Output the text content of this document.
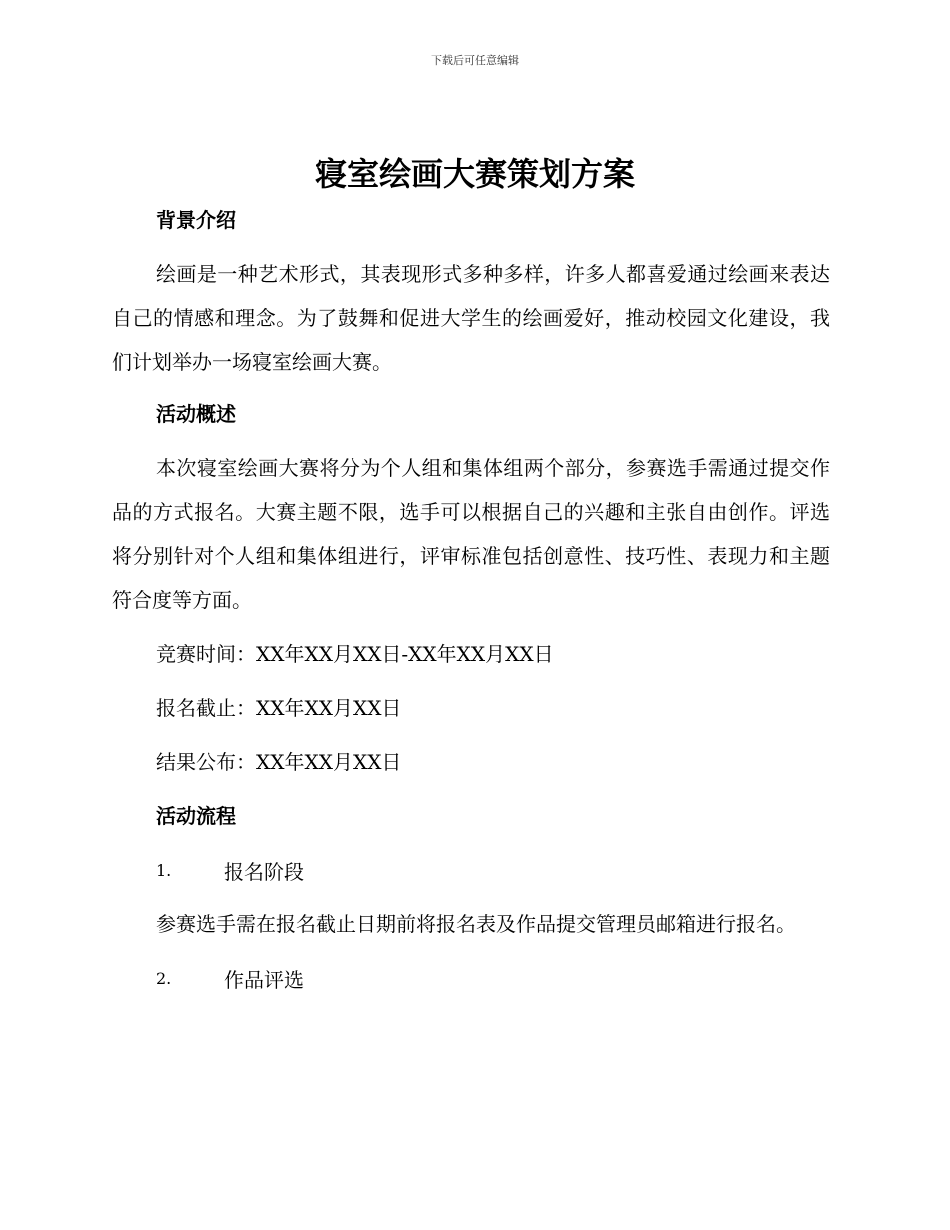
下载后可任意编辑
寝室绘画大赛策划方案
背景介绍

绘画是一种艺术形式，其表现形式多种多样，许多人都喜爱通过绘画来表达自己的情感和理念。为了鼓舞和促进大学生的绘画爱好，推动校园文化建设，我们计划举办一场寝室绘画大赛。

活动概述

本次寝室绘画大赛将分为个人组和集体组两个部分，参赛选手需通过提交作品的方式报名。大赛主题不限，选手可以根据自己的兴趣和主张自由创作。评选将分别针对个人组和集体组进行，评审标准包括创意性、技巧性、表现力和主题符合度等方面。

竞赛时间：XX年XX月XX日-XX年XX月XX日

报名截止：XX年XX月XX日

结果公布：XX年XX月XX日

活动流程
1.	报名阶段

参赛选手需在报名截止日期前将报名表及作品提交管理员邮箱进行报名。

2.	作品评选
